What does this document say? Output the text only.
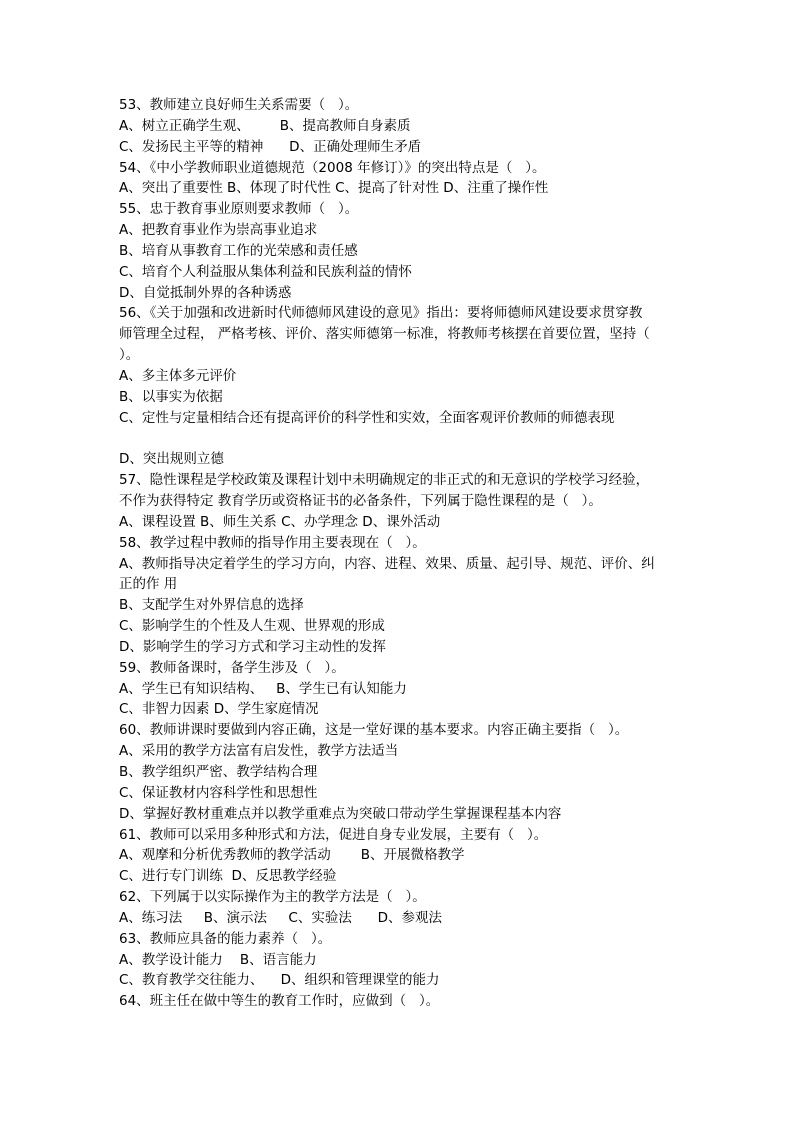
53、教师建立良好师生关系需要（   ）。
A、树立正确学生观、       B、提高教师自身素质
C、发扬民主平等的精神      D、正确处理师生矛盾
54、《中小学教师职业道德规范（2008 年修订）》的突出特点是（   ）。
A、突出了重要性 B、体现了时代性 C、提高了针对性 D、注重了操作性
55、忠于教育事业原则要求教师（   ）。
A、把教育事业作为崇高事业追求
B、培育从事教育工作的光荣感和责任感
C、培育个人利益服从集体利益和民族利益的情怀
D、自觉抵制外界的各种诱惑
56、《关于加强和改进新时代师德师风建设的意见》指出：要将师德师风建设要求贯穿教
师管理全过程， 严格考核、评价、落实师德第一标准，将教师考核摆在首要位置，坚持（
）。
A、多主体多元评价
B、以事实为依据
C、定性与定量相结合还有提高评价的科学性和实效，全面客观评价教师的师德表现
D、突出规则立德
57、隐性课程是学校政策及课程计划中未明确规定的非正式的和无意识的学校学习经验，
不作为获得特定 教育学历或资格证书的必备条件，下列属于隐性课程的是（   ）。
A、课程设置 B、师生关系 C、办学理念 D、课外活动
58、教学过程中教师的指导作用主要表现在（   ）。
A、教师指导决定着学生的学习方向，内容、进程、效果、质量、起引导、规范、评价、纠
正的作 用
B、支配学生对外界信息的选择
C、影响学生的个性及人生观、世界观的形成
D、影响学生的学习方式和学习主动性的发挥
59、教师备课时，备学生涉及（   ）。
A、学生已有知识结构、   B、学生已有认知能力
C、非智力因素 D、学生家庭情况
60、教师讲课时要做到内容正确，这是一堂好课的基本要求。内容正确主要指（   ）。
A、采用的教学方法富有启发性，教学方法适当
B、教学组织严密、教学结构合理
C、保证教材内容科学性和思想性
D、掌握好教材重难点并以教学重难点为突破口带动学生掌握课程基本内容
61、教师可以采用多种形式和方法，促进自身专业发展，主要有（   ）。
A、观摩和分析优秀教师的教学活动       B、开展微格教学
C、进行专门训练  D、反思教学经验
62、下列属于以实际操作为主的教学方法是（   ）。
A、练习法     B、演示法     C、实验法      D、参观法
63、教师应具备的能力素养（   ）。
A、教学设计能力    B、语言能力
C、教育教学交往能力、    D、组织和管理课堂的能力
64、班主任在做中等生的教育工作时，应做到（   ）。
